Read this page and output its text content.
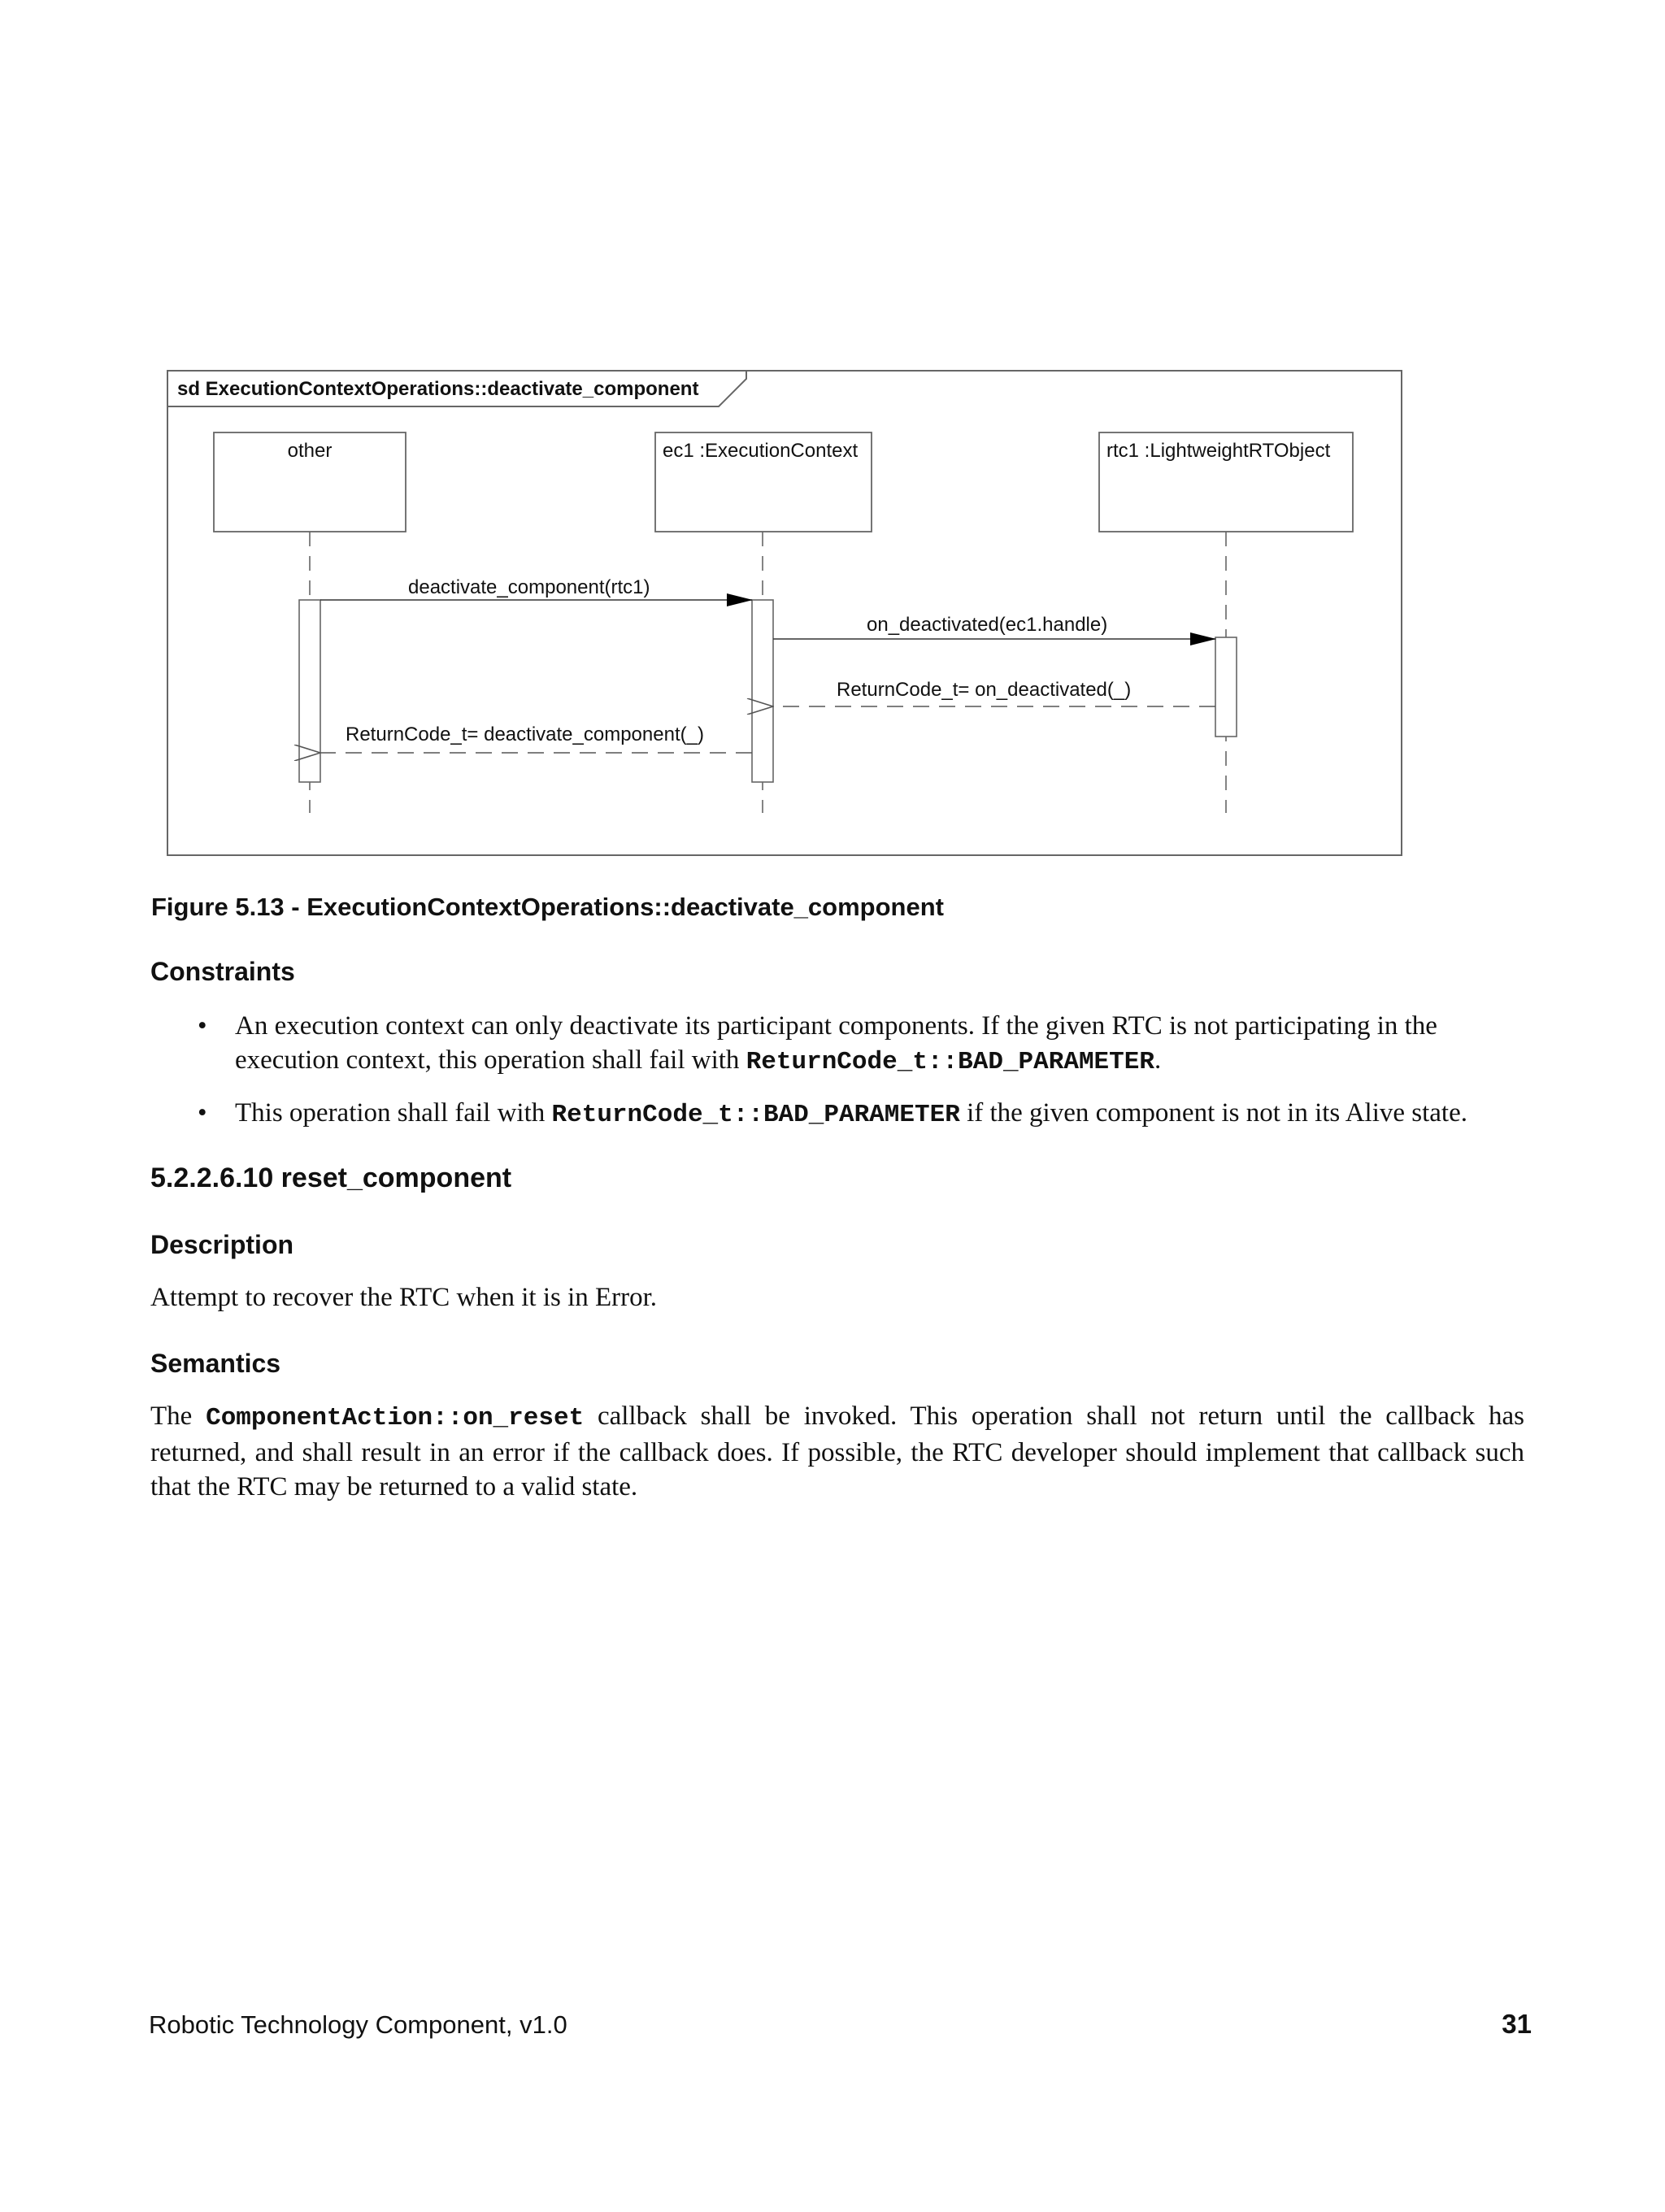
sd ExecutionContextOperations::deactivate_component
other	ec1 :ExecutionContext	rtc1 :LightweightRTObject
deactivate_component(rtc1)
on_deactivated(ec1.handle)
ReturnCode_t= on_deactivated(_)
ReturnCode_t= deactivate_component(_)
Figure 5.13 - ExecutionContextOperations::deactivate_component
Constraints
• An execution context can only deactivate its participant components. If the given RTC is not participating in the execution context, this operation shall fail with ReturnCode_t::BAD_PARAMETER.
• This operation shall fail with ReturnCode_t::BAD_PARAMETER if the given component is not in its Alive state.
5.2.2.6.10 reset_component
Description
Attempt to recover the RTC when it is in Error.
Semantics
The ComponentAction::on_reset callback shall be invoked. This operation shall not return until the callback has returned, and shall result in an error if the callback does. If possible, the RTC developer should implement that callback such that the RTC may be returned to a valid state.
Robotic Technology Component, v1.0	31
